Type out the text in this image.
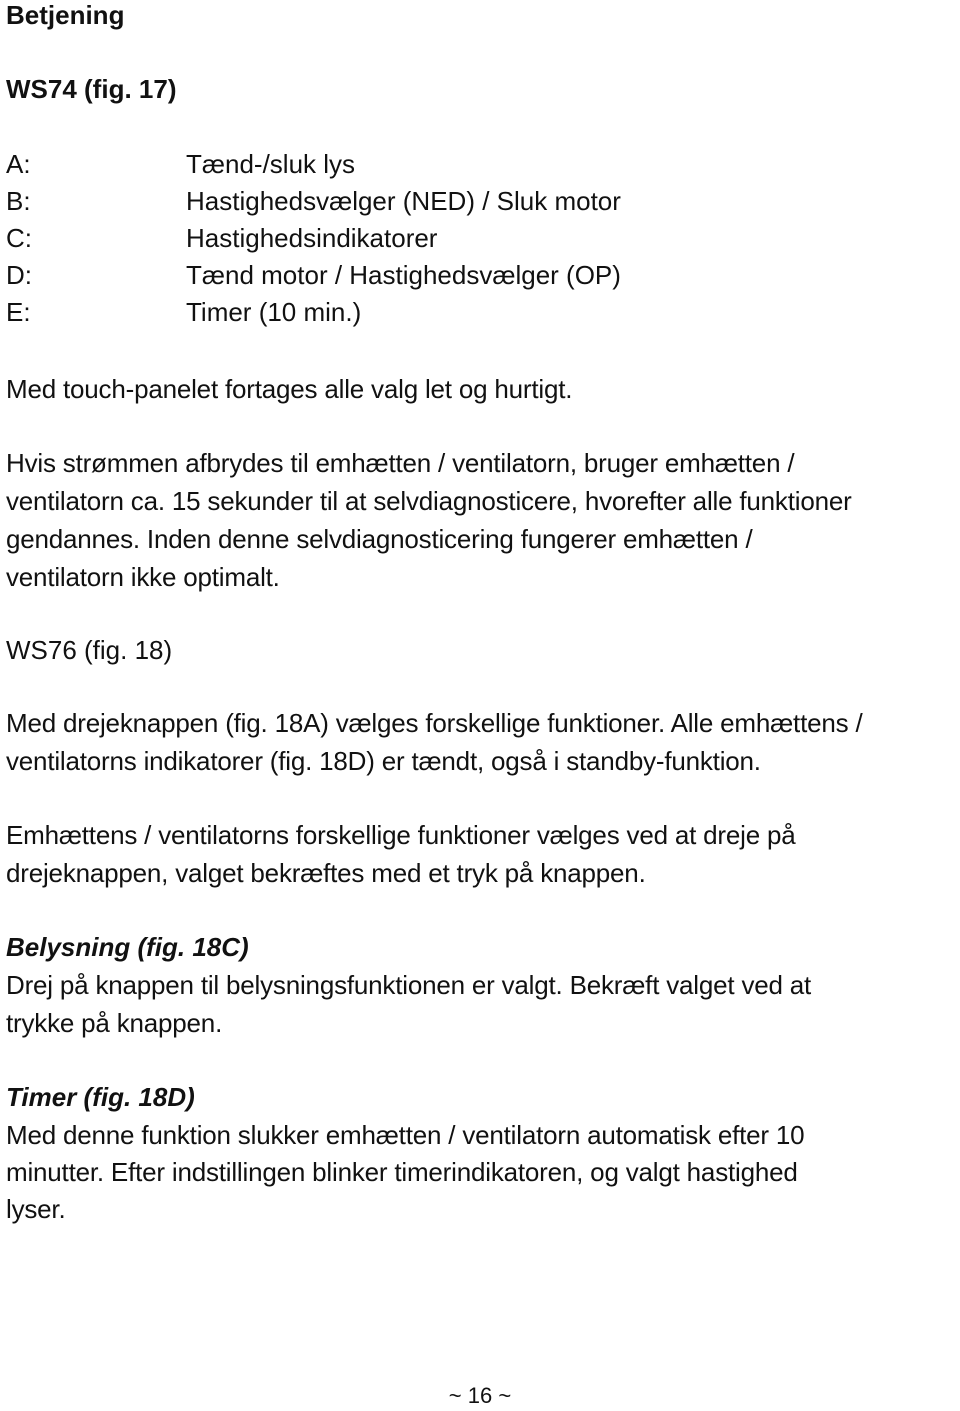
Betjening
WS74 (fig. 17)
A:	Tænd-/sluk lys
B:	Hastighedsvælger (NED) / Sluk motor
C:	Hastighedsindikatorer
D:	Tænd motor / Hastighedsvælger (OP)
E:	Timer (10 min.)
Med touch-panelet fortages alle valg let og hurtigt.
Hvis strømmen afbrydes til emhætten / ventilatorn, bruger emhætten /
ventilatorn ca. 15 sekunder til at selvdiagnosticere, hvorefter alle funktioner
gendannes. Inden denne selvdiagnosticering fungerer emhætten /
ventilatorn ikke optimalt.
WS76 (fig. 18)
Med drejeknappen (fig. 18A) vælges forskellige funktioner. Alle emhættens /
ventilatorns indikatorer (fig. 18D) er tændt, også i standby-funktion.
Emhættens / ventilatorns forskellige funktioner vælges ved at dreje på
drejeknappen, valget bekræftes med et tryk på knappen.
Belysning (fig. 18C)
Drej på knappen til belysningsfunktionen er valgt. Bekræft valget ved at
trykke på knappen.
Timer (fig. 18D)
Med denne funktion slukker emhætten / ventilatorn automatisk efter 10
minutter. Efter indstillingen blinker timerindikatoren, og valgt hastighed
lyser.
~ 16 ~
